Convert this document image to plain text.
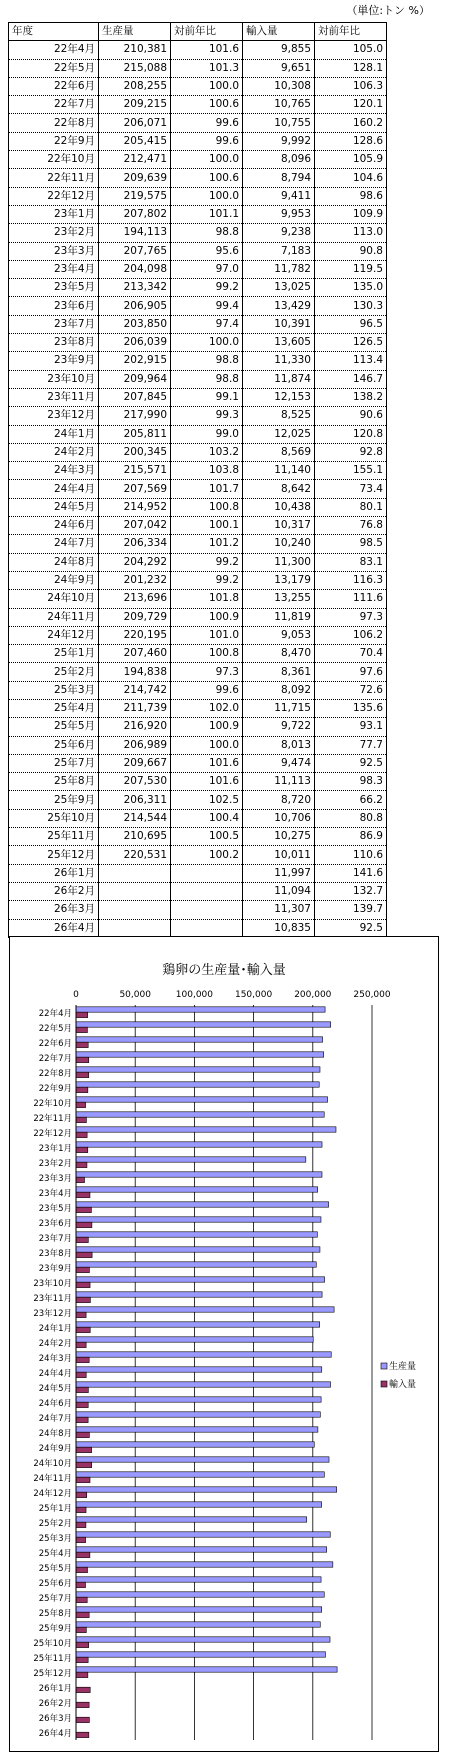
（単位:トン %）
年度	生産量	対前年比	輸入量	対前年比
22年4月	210,381	101.6	9,855	105.0
22年5月	215,088	101.3	9,651	128.1
22年6月	208,255	100.0	10,308	106.3
22年7月	209,215	100.6	10,765	120.1
22年8月	206,071	99.6	10,755	160.2
22年9月	205,415	99.6	9,992	128.6
22年10月	212,471	100.0	8,096	105.9
22年11月	209,639	100.6	8,794	104.6
22年12月	219,575	100.0	9,411	98.6
23年1月	207,802	101.1	9,953	109.9
23年2月	194,113	98.8	9,238	113.0
23年3月	207,765	95.6	7,183	90.8
23年4月	204,098	97.0	11,782	119.5
23年5月	213,342	99.2	13,025	135.0
23年6月	206,905	99.4	13,429	130.3
23年7月	203,850	97.4	10,391	96.5
23年8月	206,039	100.0	13,605	126.5
23年9月	202,915	98.8	11,330	113.4
23年10月	209,964	98.8	11,874	146.7
23年11月	207,845	99.1	12,153	138.2
23年12月	217,990	99.3	8,525	90.6
24年1月	205,811	99.0	12,025	120.8
24年2月	200,345	103.2	8,569	92.8
24年3月	215,571	103.8	11,140	155.1
24年4月	207,569	101.7	8,642	73.4
24年5月	214,952	100.8	10,438	80.1
24年6月	207,042	100.1	10,317	76.8
24年7月	206,334	101.2	10,240	98.5
24年8月	204,292	99.2	11,300	83.1
24年9月	201,232	99.2	13,179	116.3
24年10月	213,696	101.8	13,255	111.6
24年11月	209,729	100.9	11,819	97.3
24年12月	220,195	101.0	9,053	106.2
25年1月	207,460	100.8	8,470	70.4
25年2月	194,838	97.3	8,361	97.6
25年3月	214,742	99.6	8,092	72.6
25年4月	211,739	102.0	11,715	135.6
25年5月	216,920	100.9	9,722	93.1
25年6月	206,989	100.0	8,013	77.7
25年7月	209,667	101.6	9,474	92.5
25年8月	207,530	101.6	11,113	98.3
25年9月	206,311	102.5	8,720	66.2
25年10月	214,544	100.4	10,706	80.8
25年11月	210,695	100.5	10,275	86.9
25年12月	220,531	100.2	10,011	110.6
26年1月			11,997	141.6
26年2月			11,094	132.7
26年3月			11,307	139.7
26年4月			10,835	92.5
鶏卵の生産量･輸入量
0	50,000	100,000 150,000 200,000 250,000
22年4月
22年5月
22年6月
22年7月
22年8月
22年9月
22年10月
22年11月
22年12月
23年1月
23年2月
23年3月
23年4月
23年5月
23年6月
23年7月
23年8月
23年9月
23年10月
23年11月
23年12月
24年1月
24年2月
24年3月
24年4月
24年5月
24年6月
24年7月
24年8月
24年9月
24年10月
24年11月
24年12月
25年1月
25年2月
25年3月
25年4月
25年5月
25年6月
25年7月
25年8月
25年9月
25年10月
25年11月
25年12月
26年1月
26年2月
26年3月
26年4月
生産量
輸入量
